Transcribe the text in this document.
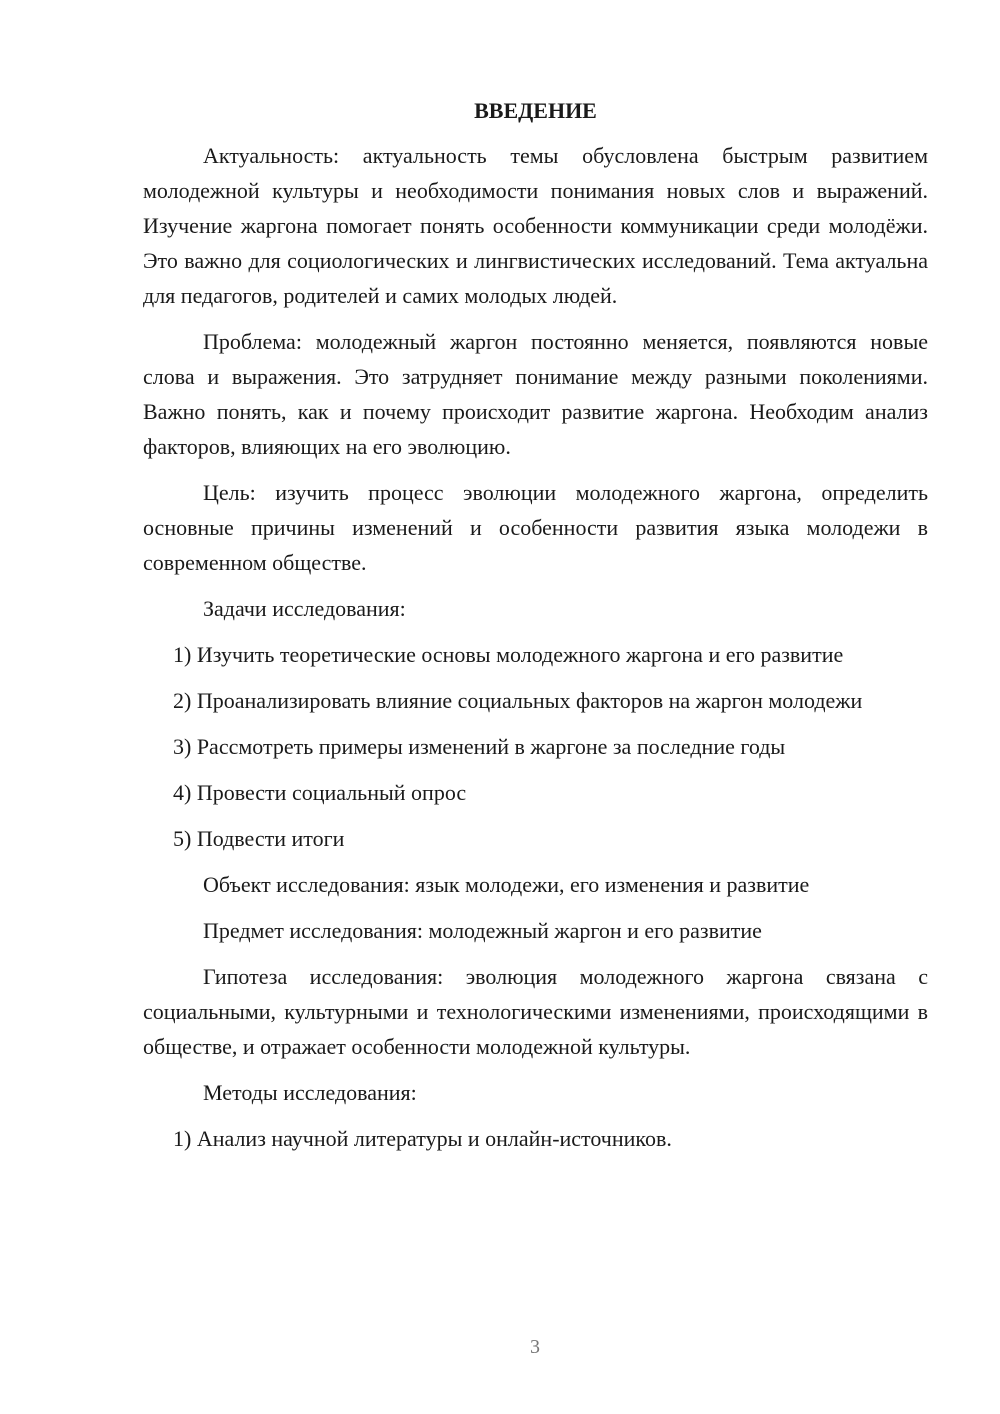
ВВЕДЕНИЕ

Актуальность: актуальность темы обусловлена быстрым развитием молодежной культуры и необходимости понимания новых слов и выражений. Изучение жаргона помогает понять особенности коммуникации среди молодёжи. Это важно для социологических и лингвистических исследований. Тема актуальна для педагогов, родителей и самих молодых людей.

Проблема: молодежный жаргон постоянно меняется, появляются новые слова и выражения. Это затрудняет понимание между разными поколениями. Важно понять, как и почему происходит развитие жаргона. Необходим анализ факторов, влияющих на его эволюцию.

Цель: изучить процесс эволюции молодежного жаргона, определить основные причины изменений и особенности развития языка молодежи в современном обществе.

Задачи исследования:

1) Изучить теоретические основы молодежного жаргона и его развитие

2) Проанализировать влияние социальных факторов на жаргон молодежи

3) Рассмотреть примеры изменений в жаргоне за последние годы

4) Провести социальный опрос

5) Подвести итоги

Объект исследования: язык молодежи, его изменения и развитие

Предмет исследования: молодежный жаргон и его развитие

Гипотеза исследования: эволюция молодежного жаргона связана с социальными, культурными и технологическими изменениями, происходящими в обществе, и отражает особенности молодежной культуры.

Методы исследования:

1) Анализ научной литературы и онлайн-источников.

3
